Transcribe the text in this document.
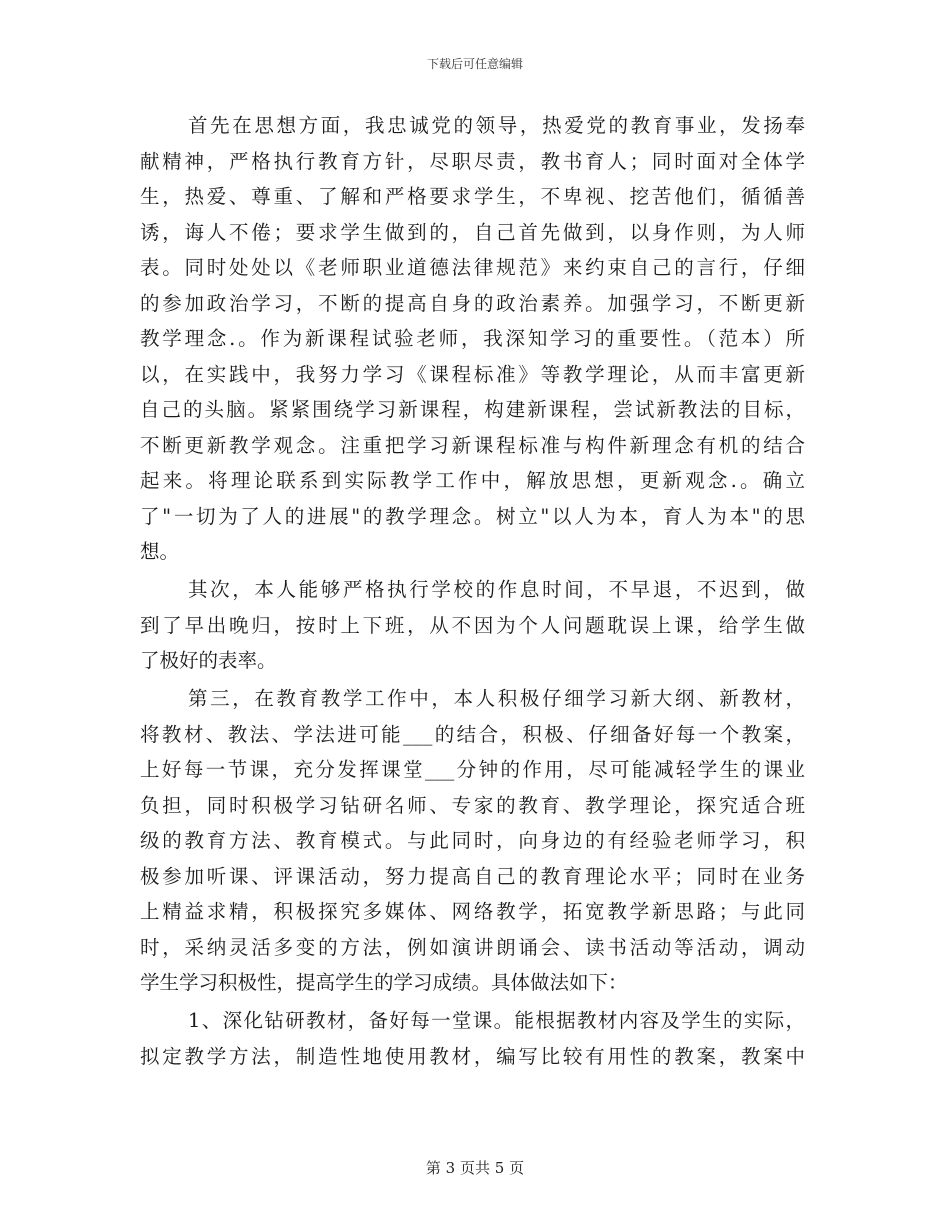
下载后可任意编辑
首先在思想方面，我忠诚党的领导，热爱党的教育事业，发扬奉
献精神，严格执行教育方针，尽职尽责，教书育人；同时面对全体学
生，热爱、尊重、了解和严格要求学生，不卑视、挖苦他们，循循善
诱，诲人不倦；要求学生做到的，自己首先做到，以身作则，为人师
表。同时处处以《老师职业道德法律规范》来约束自己的言行，仔细
的参加政治学习，不断的提高自身的政治素养。加强学习，不断更新
教学理念.。作为新课程试验老师，我深知学习的重要性。（范本）所
以，在实践中，我努力学习《课程标准》等教学理论，从而丰富更新
自己的头脑。紧紧围绕学习新课程，构建新课程，尝试新教法的目标，
不断更新教学观念。注重把学习新课程标准与构件新理念有机的结合
起来。将理论联系到实际教学工作中，解放思想，更新观念.。确立
了"一切为了人的进展"的教学理念。树立"以人为本，育人为本"的思
想。
其次，本人能够严格执行学校的作息时间，不早退，不迟到，做
到了早出晚归，按时上下班，从不因为个人问题耽误上课，给学生做
了极好的表率。
第三，在教育教学工作中，本人积极仔细学习新大纲、新教材，
将教材、教法、学法进可能___的结合，积极、仔细备好每一个教案，
上好每一节课，充分发挥课堂___分钟的作用，尽可能减轻学生的课业
负担，同时积极学习钻研名师、专家的教育、教学理论，探究适合班
级的教育方法、教育模式。与此同时，向身边的有经验老师学习，积
极参加听课、评课活动，努力提高自己的教育理论水平；同时在业务
上精益求精，积极探究多媒体、网络教学，拓宽教学新思路；与此同
时，采纳灵活多变的方法，例如演讲朗诵会、读书活动等活动，调动
学生学习积极性，提高学生的学习成绩。具体做法如下：
1、深化钻研教材，备好每一堂课。能根据教材内容及学生的实际，
拟定教学方法，制造性地使用教材，编写比较有用性的教案，教案中
第 3 页共 5 页
